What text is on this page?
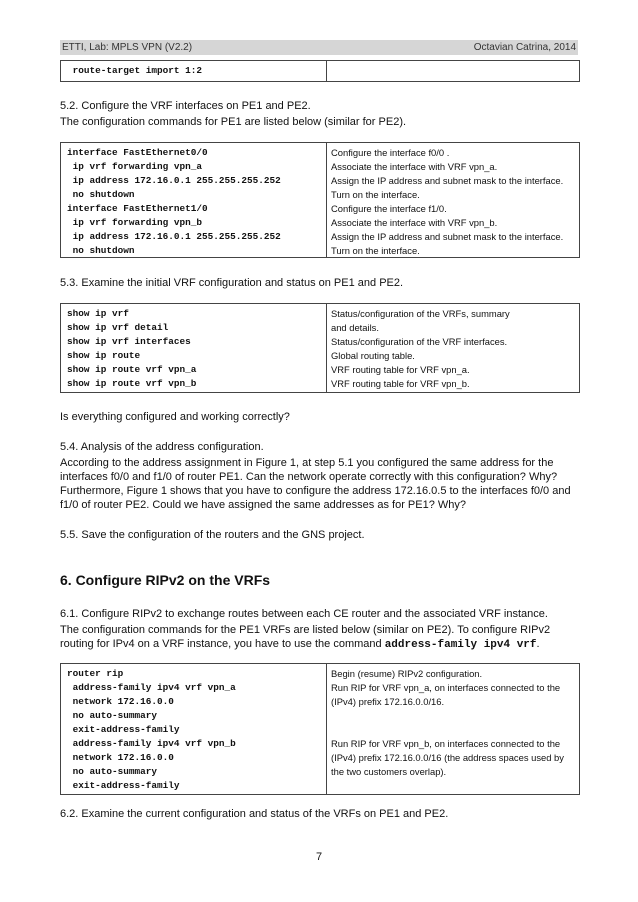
ETTI, Lab: MPLS VPN (V2.2)	Octavian Catrina, 2014
route-target import 1:2
5.2. Configure the VRF interfaces on PE1 and PE2.
The configuration commands for PE1 are listed below (similar for PE2).
interface FastEthernet0/0
ip vrf forwarding vpn_a
ip address 172.16.0.1 255.255.255.252
no shutdown
interface FastEthernet1/0
ip vrf forwarding vpn_b
ip address 172.16.0.1 255.255.255.252
no shutdown
Configure the interface f0/0 .
Associate the interface with VRF vpn_a.
Assign the IP address and subnet mask to the interface.
Turn on the interface.
Configure the interface f1/0.
Associate the interface with VRF vpn_b.
Assign the IP address and subnet mask to the interface.
Turn on the interface.
5.3. Examine the initial VRF configuration and status on PE1 and PE2.
show ip vrf
show ip vrf detail
show ip vrf interfaces
show ip route
show ip route vrf vpn_a
show ip route vrf vpn_b
Status/configuration of the VRFs, summary
and details.
Status/configuration of the VRF interfaces.
Global routing table.
VRF routing table for VRF vpn_a.
VRF routing table for VRF vpn_b.
Is everything configured and working correctly?
5.4. Analysis of the address configuration.
According to the address assignment in Figure 1, at step 5.1 you configured the same address for the interfaces f0/0 and f1/0 of router PE1. Can the network operate correctly with this configuration? Why?
Furthermore, Figure 1 shows that you have to configure the address 172.16.0.5 to the interfaces f0/0 and f1/0 of router PE2. Could we have assigned the same addresses as for PE1? Why?
5.5. Save the configuration of the routers and the GNS project.
6. Configure RIPv2 on the VRFs
6.1. Configure RIPv2 to exchange routes between each CE router and the associated VRF instance.
The configuration commands for the PE1 VRFs are listed below (similar on PE2). To configure RIPv2 routing for IPv4 on a VRF instance, you have to use the command address-family ipv4 vrf.
router rip
address-family ipv4 vrf vpn_a
network 172.16.0.0
no auto-summary
exit-address-family
address-family ipv4 vrf vpn_b
network 172.16.0.0
no auto-summary
exit-address-family
Begin (resume) RIPv2 configuration.
Run RIP for VRF vpn_a, on interfaces connected to the
(IPv4) prefix 172.16.0.0/16.

Run RIP for VRF vpn_b, on interfaces connected to the
(IPv4) prefix 172.16.0.0/16 (the address spaces used by
the two customers overlap).
6.2. Examine the current configuration and status of the VRFs on PE1 and PE2.
7
